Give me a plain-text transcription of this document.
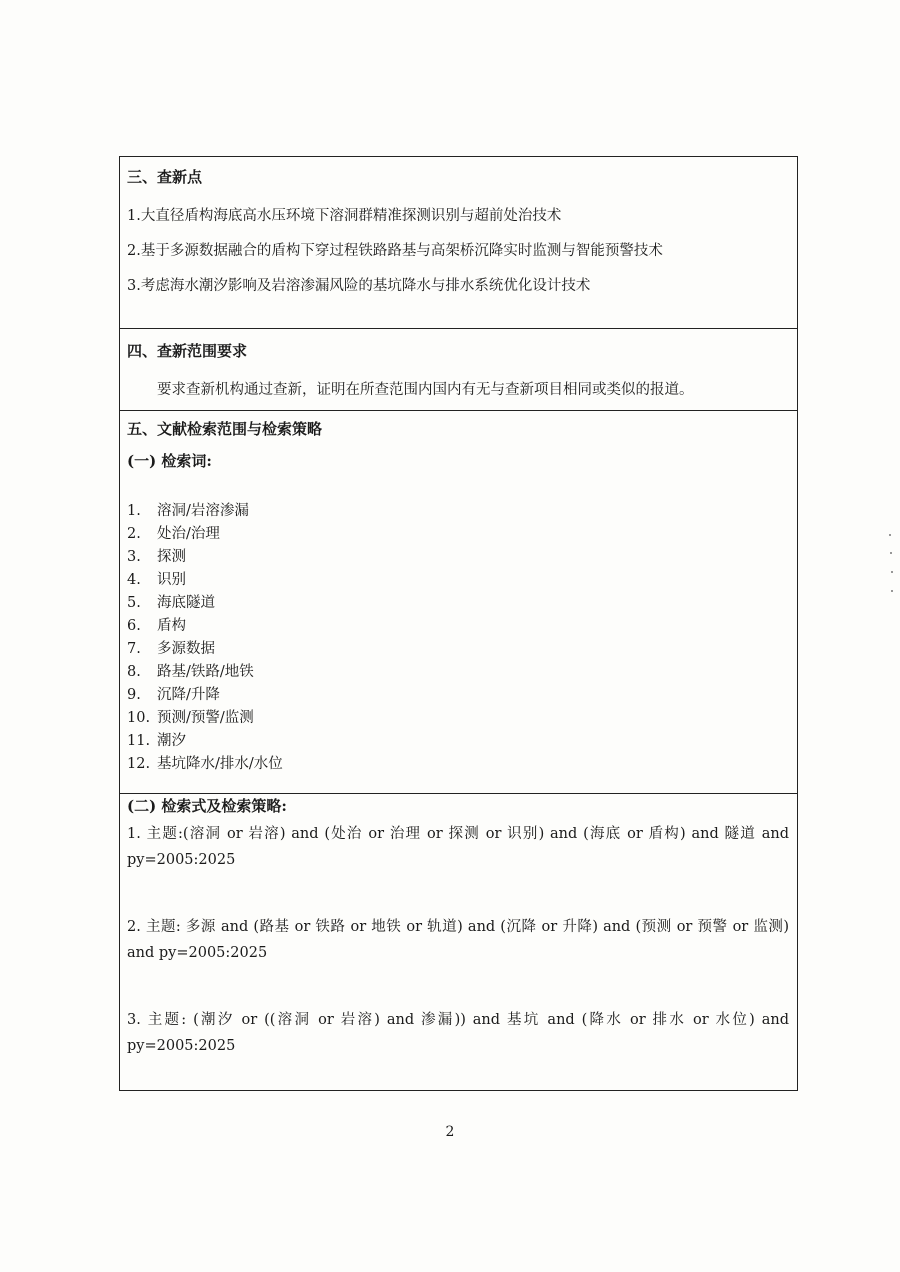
三、查新点
1.大直径盾构海底高水压环境下溶洞群精准探测识别与超前处治技术
2.基于多源数据融合的盾构下穿过程铁路路基与高架桥沉降实时监测与智能预警技术
3.考虑海水潮汐影响及岩溶渗漏风险的基坑降水与排水系统优化设计技术
四、查新范围要求
要求查新机构通过查新，证明在所查范围内国内有无与查新项目相同或类似的报道。
五、文献检索范围与检索策略
(一) 检索词:
1. 溶洞/岩溶渗漏
2. 处治/治理
3. 探测
4. 识别
5. 海底隧道
6. 盾构
7. 多源数据
8. 路基/铁路/地铁
9. 沉降/升降
10. 预测/预警/监测
11. 潮汐
12. 基坑降水/排水/水位
(二) 检索式及检索策略:
1. 主题:(溶洞 or 岩溶) and (处治 or 治理 or 探测 or 识别) and (海底 or 盾构) and 隧道 and py=2005:2025
2. 主题: 多源 and (路基 or 铁路 or 地铁 or 轨道) and (沉降 or 升降) and (预测 or 预警 or 监测) and py=2005:2025
3. 主题: (潮汐 or ((溶洞 or 岩溶) and 渗漏)) and 基坑 and (降水 or 排水 or 水位) and py=2005:2025
2
